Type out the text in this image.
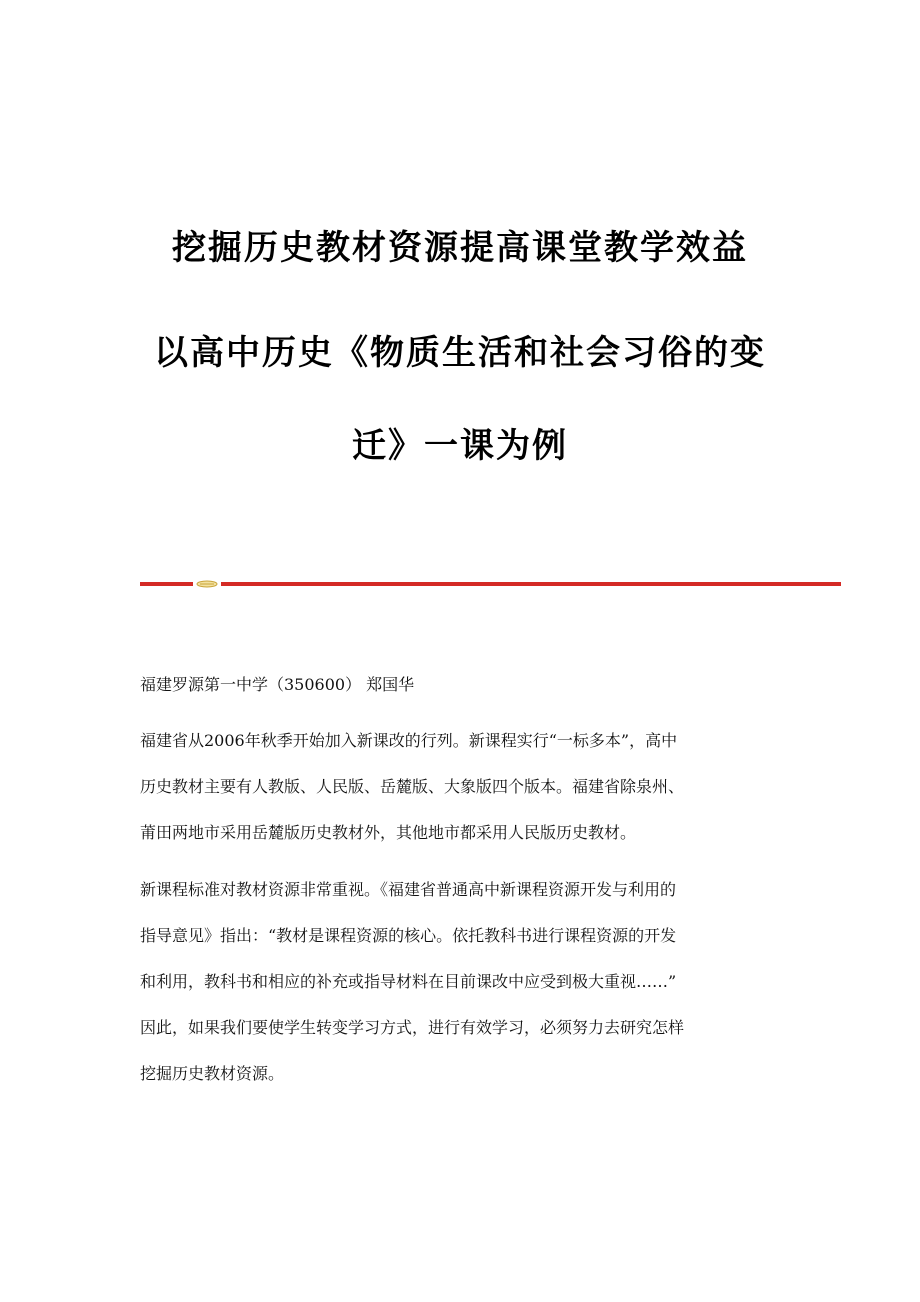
挖掘历史教材资源提高课堂教学效益
以高中历史《物质生活和社会习俗的变
迁》一课为例
福建罗源第一中学（350600） 郑国华
福建省从2006年秋季开始加入新课改的行列。新课程实行“一标多本”，高中
历史教材主要有人教版、人民版、岳麓版、大象版四个版本。福建省除泉州、
莆田两地市采用岳麓版历史教材外，其他地市都采用人民版历史教材。
新课程标准对教材资源非常重视。《福建省普通高中新课程资源开发与利用的
指导意见》指出：“教材是课程资源的核心。依托教科书进行课程资源的开发
和利用，教科书和相应的补充或指导材料在目前课改中应受到极大重视……”
因此，如果我们要使学生转变学习方式，进行有效学习，必须努力去研究怎样
挖掘历史教材资源。
